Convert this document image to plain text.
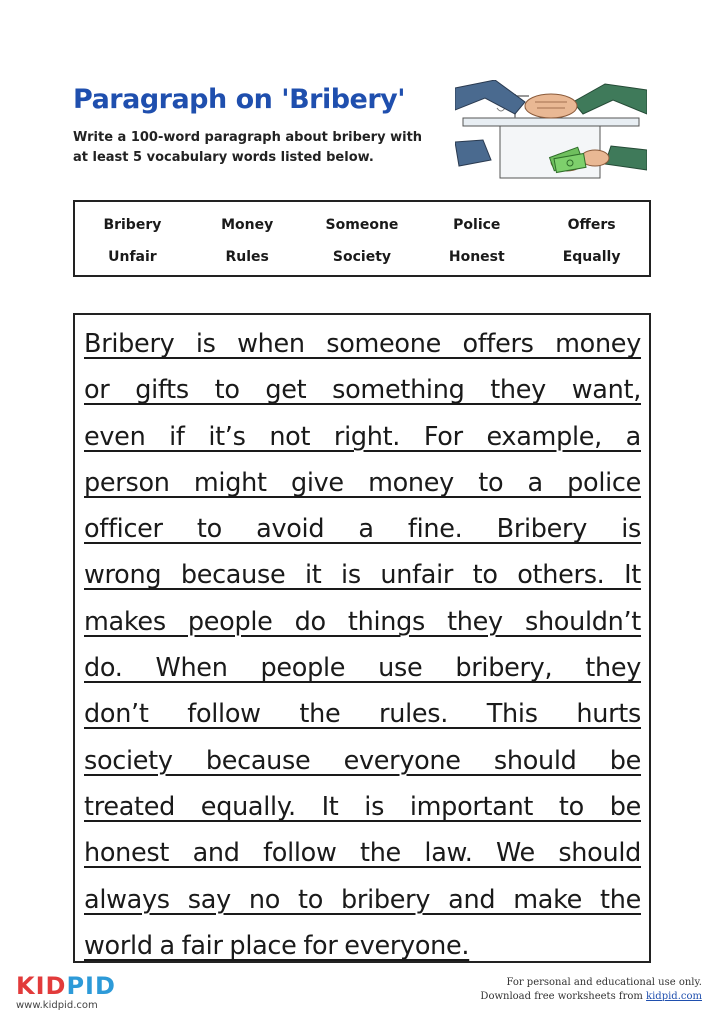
Paragraph on 'Bribery'
Write a 100-word paragraph about bribery with at least 5 vocabulary words listed below.
Bribery	Money	Someone	Police	Offers
Unfair	Rules	Society	Honest	Equally
Bribery is when someone offers money
or gifts to get something they want,
even if it’s not right. For example, a
person might give money to a police
officer to avoid a fine. Bribery is
wrong because it is unfair to others. It
makes people do things they shouldn’t
do. When people use bribery, they
don’t follow the rules. This hurts
society because everyone should be
treated equally. It is important to be
honest and follow the law. We should
always say no to bribery and make the
world a fair place for everyone.
KIDPID
www.kidpid.com
For personal and educational use only.
Download free worksheets from kidpid.com
